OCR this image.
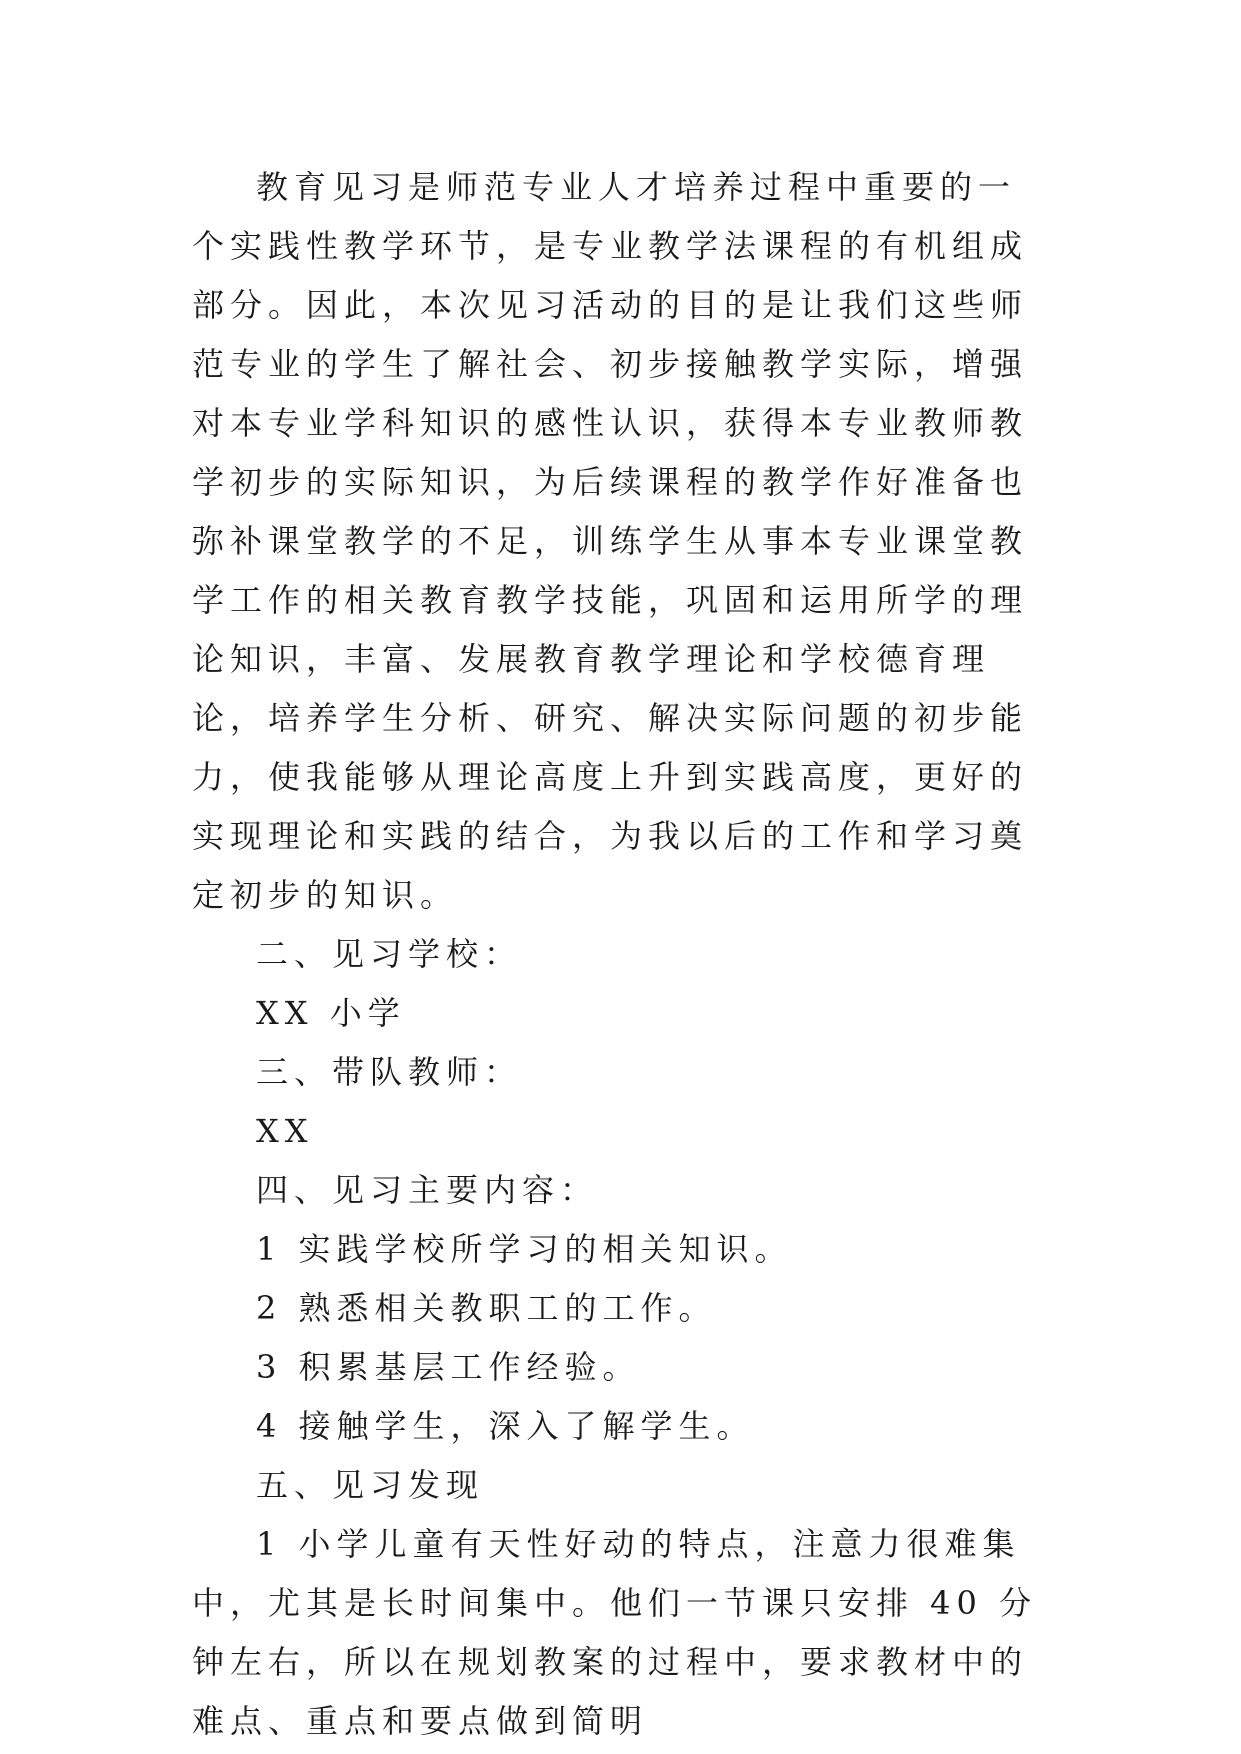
教育见习是师范专业人才培养过程中重要的一个实践性教学环节，是专业教学法课程的有机组成部分。因此，本次见习活动的目的是让我们这些师范专业的学生了解社会、初步接触教学实际，增强对本专业学科知识的感性认识，获得本专业教师教学初步的实际知识，为后续课程的教学作好准备也弥补课堂教学的不足，训练学生从事本专业课堂教学工作的相关教育教学技能，巩固和运用所学的理论知识，丰富、发展教育教学理论和学校德育理论，培养学生分析、研究、解决实际问题的初步能力，使我能够从理论高度上升到实践高度，更好的实现理论和实践的结合，为我以后的工作和学习奠定初步的知识。

二、见习学校：

XX 小学

三、带队教师：

XX

四、见习主要内容：

1 实践学校所学习的相关知识。

2 熟悉相关教职工的工作。

3 积累基层工作经验。

4 接触学生，深入了解学生。

五、见习发现

1 小学儿童有天性好动的特点，注意力很难集中，尤其是长时间集中。他们一节课只安排 40 分钟左右，所以在规划教案的过程中，要求教材中的难点、重点和要点做到简明
